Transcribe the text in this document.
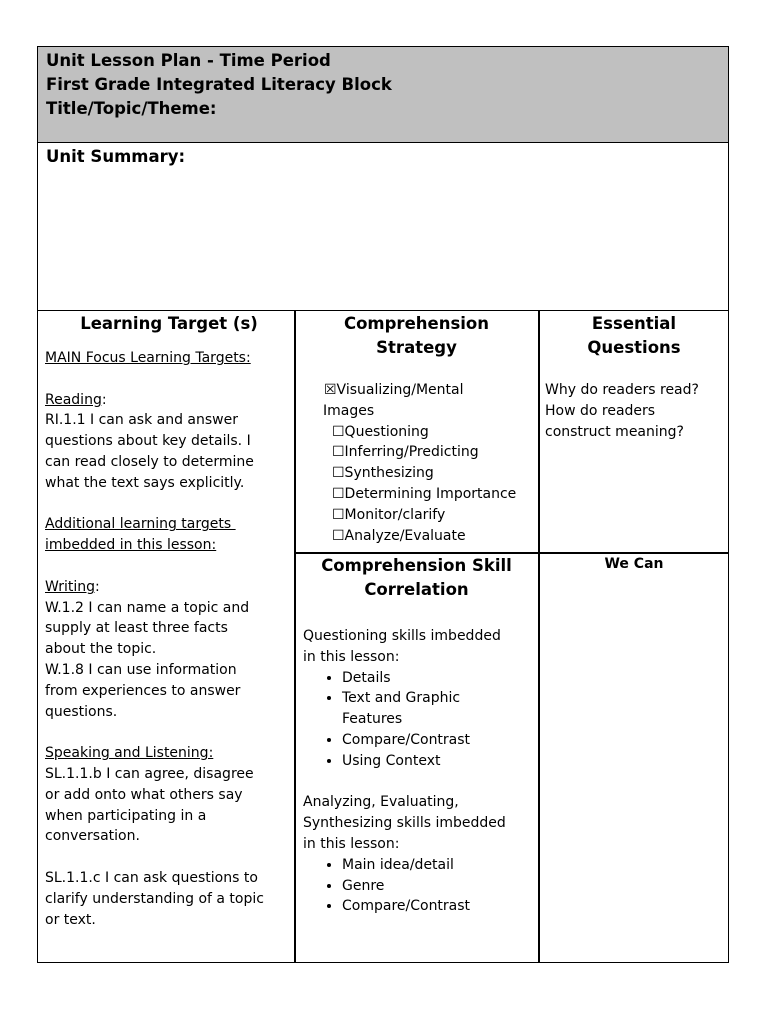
Unit Lesson Plan - Time Period
First Grade Integrated Literacy Block
Title/Topic/Theme:
Unit Summary:
Learning Target (s)
MAIN Focus Learning Targets:
Reading:
RI.1.1 I can ask and answer
questions about key details. I
can read closely to determine
what the text says explicitly.
Additional learning targets
imbedded in this lesson:
Writing:
W.1.2 I can name a topic and
supply at least three facts
about the topic.
W.1.8 I can use information
from experiences to answer
questions.
Speaking and Listening:
SL.1.1.b I can agree, disagree
or add onto what others say
when participating in a
conversation.
SL.1.1.c I can ask questions to
clarify understanding of a topic
or text.
Comprehension
Strategy
☒Visualizing/Mental
Images
☐Questioning
☐Inferring/Predicting
☐Synthesizing
☐Determining Importance
☐Monitor/clarify
☐Analyze/Evaluate
Essential
Questions
Why do readers read?
How do readers
construct meaning?
Comprehension Skill
Correlation
Questioning skills imbedded
in this lesson:
• Details
• Text and Graphic Features
• Compare/Contrast
• Using Context
Analyzing, Evaluating,
Synthesizing skills imbedded
in this lesson:
• Main idea/detail
• Genre
• Compare/Contrast
We Can
